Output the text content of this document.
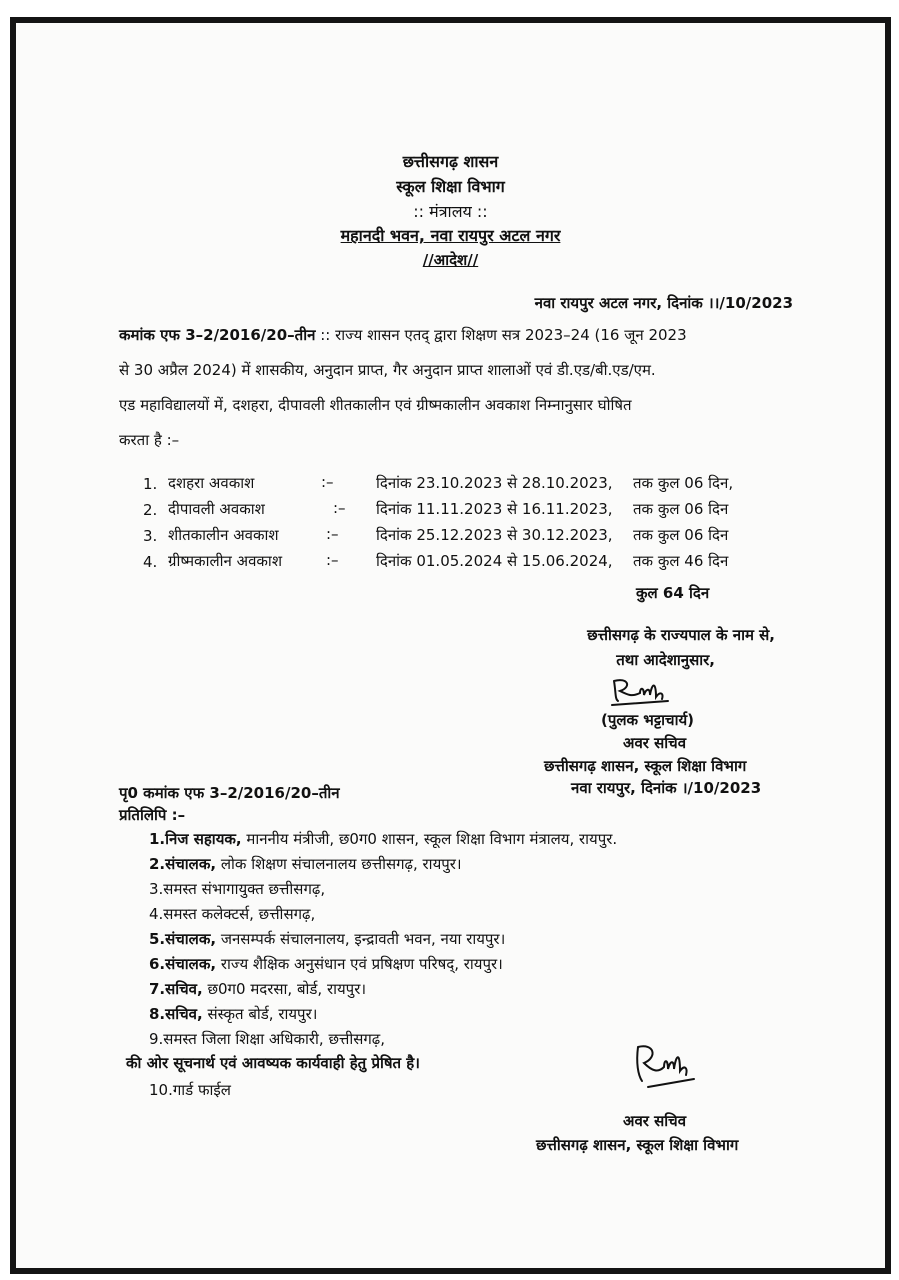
छत्तीसगढ़ शासन
स्कूल शिक्षा विभाग
:: मंत्रालय ::
महानदी भवन, नवा रायपुर अटल नगर
//आदेश//
नवा रायपुर अटल नगर, दिनांक ।।/10/2023
कमांक एफ 3–2/2016/20–तीन :: राज्य शासन एतद् द्वारा शिक्षण सत्र 2023–24 (16 जून 2023
से 30 अप्रैल 2024) में शासकीय, अनुदान प्राप्त, गैर अनुदान प्राप्त शालाओं एवं डी.एड/बी.एड/एम.
एड महाविद्यालयों में, दशहरा, दीपावली शीतकालीन एवं ग्रीष्मकालीन अवकाश निम्नानुसार घोषित
करता है :–
1. दशहरा अवकाश	:–	दिनांक 23.10.2023 से 28.10.2023, तक कुल 06 दिन,
2. दीपावली अवकाश	:– दिनांक 11.11.2023 से 16.11.2023, तक कुल 06 दिन
3. शीतकालीन अवकाश	:– दिनांक 25.12.2023 से 30.12.2023, तक कुल 06 दिन
4. ग्रीष्मकालीन अवकाश	:– दिनांक 01.05.2024 से 15.06.2024, तक कुल 46 दिन
कुल 64 दिन
छत्तीसगढ़ के राज्यपाल के नाम से,
तथा आदेशानुसार,
(पुलक भट्टाचार्य)
अवर सचिव
छत्तीसगढ़ शासन, स्कूल शिक्षा विभाग
नवा रायपुर, दिनांक ।/10/2023
पृ0 कमांक एफ 3–2/2016/20–तीन
प्रतिलिपि :–
1.निज सहायक, माननीय मंत्रीजी, छ0ग0 शासन, स्कूल शिक्षा विभाग मंत्रालय, रायपुर.
2.संचालक, लोक शिक्षण संचालनालय छत्तीसगढ़, रायपुर।
3.समस्त संभागायुक्त छत्तीसगढ़,
4.समस्त कलेक्टर्स, छत्तीसगढ़,
5.संचालक, जनसम्पर्क संचालनालय, इन्द्रावती भवन, नया रायपुर।
6.संचालक, राज्य शैक्षिक अनुसंधान एवं प्रषिक्षण परिषद्, रायपुर।
7.सचिव, छ0ग0 मदरसा, बोर्ड, रायपुर।
8.सचिव, संस्कृत बोर्ड, रायपुर।
9.समस्त जिला शिक्षा अधिकारी, छत्तीसगढ़,
की ओर सूचनार्थ एवं आवष्यक कार्यवाही हेतु प्रेषित है।
10.गार्ड फाईल
अवर सचिव
छत्तीसगढ़ शासन, स्कूल शिक्षा विभाग
